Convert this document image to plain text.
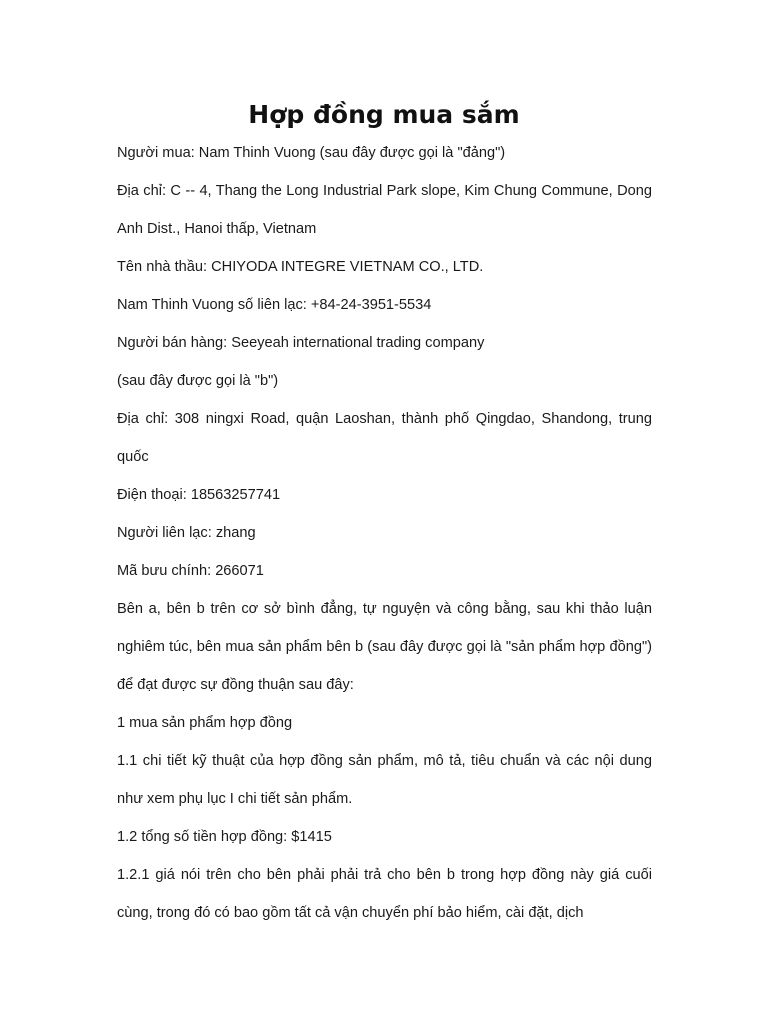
Hợp đồng mua sắm

Người mua: Nam Thinh Vuong (sau đây được gọi là "đảng")

Địa chỉ: C -- 4, Thang the Long Industrial Park slope, Kim Chung Commune, Dong Anh Dist., Hanoi thấp, Vietnam

Tên nhà thầu: CHIYODA INTEGRE VIETNAM CO., LTD.

Nam Thinh Vuong số liên lạc: +84-24-3951-5534

Người bán hàng: Seeyeah international trading company

(sau đây được gọi là "b")

Địa chỉ: 308 ningxi Road, quận Laoshan, thành phố Qingdao, Shandong, trung quốc

Điện thoại: 18563257741

Người liên lạc: zhang

Mã bưu chính: 266071

Bên a, bên b trên cơ sở bình đẳng, tự nguyện và công bằng, sau khi thảo luận nghiêm túc, bên mua sản phẩm bên b (sau đây được gọi là "sản phẩm hợp đồng") để đạt được sự đồng thuận sau đây:

1 mua sản phẩm hợp đồng

1.1 chi tiết kỹ thuật của hợp đồng sản phẩm, mô tả, tiêu chuẩn và các nội dung như xem phụ lục I chi tiết sản phẩm.

1.2 tổng số tiền hợp đồng: $1415

1.2.1 giá nói trên cho bên phải phải trả cho bên b trong hợp đồng này giá cuối cùng, trong đó có bao gồm tất cả vận chuyển phí bảo hiểm, cài đặt, dịch
